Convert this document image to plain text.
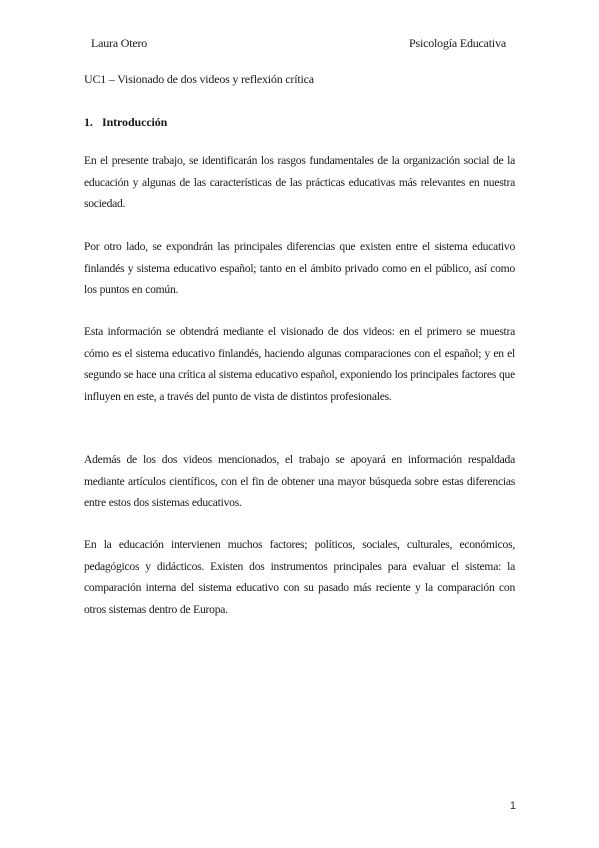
Laura Otero	Psicología Educativa
UC1 – Visionado de dos videos y reflexión crítica
1. Introducción

En el presente trabajo, se identificarán los rasgos fundamentales de la organización social de la educación y algunas de las características de las prácticas educativas más relevantes en nuestra sociedad.

Por otro lado, se expondrán las principales diferencias que existen entre el sistema educativo finlandés y sistema educativo español; tanto en el ámbito privado como en el público, así como los puntos en común.

Esta información se obtendrá mediante el visionado de dos videos: en el primero se muestra cómo es el sistema educativo finlandés, haciendo algunas comparaciones con el español; y en el segundo se hace una crítica al sistema educativo español, exponiendo los principales factores que influyen en este, a través del punto de vista de distintos profesionales.

Además de los dos videos mencionados, el trabajo se apoyará en información respaldada mediante artículos científicos, con el fin de obtener una mayor búsqueda sobre estas diferencias entre estos dos sistemas educativos.

En la educación intervienen muchos factores; políticos, sociales, culturales, económicos, pedagógicos y didácticos. Existen dos instrumentos principales para evaluar el sistema: la comparación interna del sistema educativo con su pasado más reciente y la comparación con otros sistemas dentro de Europa.

1
